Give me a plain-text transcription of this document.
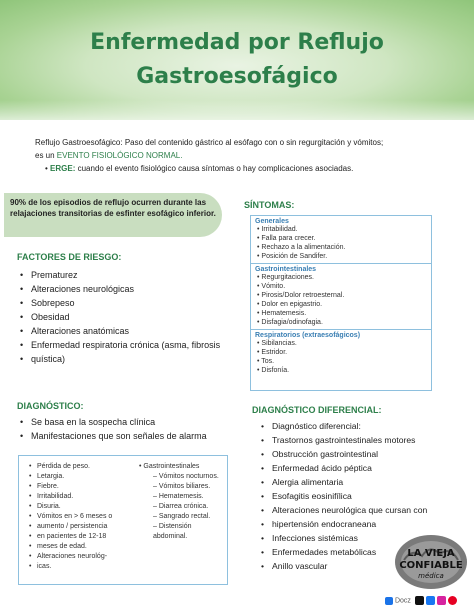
Enfermedad por Reflujo
Gastroesofágico
Reflujo Gastroesofágico: Paso del contenido gástrico al esófago con o sin regurgitación y vómitos;
es un EVENTO FISIOLÓGICO NORMAL.
• ERGE: cuando el evento fisiológico causa síntomas o hay complicaciones asociadas.
90% de los episodios de reflujo ocurren durante las relajaciones transitorias de esfinter esofágico inferior.
FACTORES DE RIESGO:
• Prematurez
• Alteraciones neurológicas
• Sobrepeso
• Obesidad
• Alteraciones anatómicas
• Enfermedad respiratoria crónica (asma, fibrosis
• quística)
SÍNTOMAS:
Generales
• Irritabilidad.
• Falla para crecer.
• Rechazo a la alimentación.
• Posición de Sandifer.
Gastrointestinales
• Regurgitaciones.
• Vómito.
• Pirosis/Dolor retroesternal.
• Dolor en epigastrio.
• Hematemesis.
• Disfagia/odinofagia.
Respiratorios (extraesofágicos)
• Sibilancias.
• Estridor.
• Tos.
• Disfonía.
DIAGNÓSTICO:
• Se basa en la sospecha clínica
• Manifestaciones que son señales de alarma
• Pérdida de peso.
• Letargia.
• Fiebre.
• Irritabilidad.
• Disuria.
• Vómitos en > 6 meses o
• aumento / persistencia
• en pacientes de 12-18
• meses de edad.
• Alteraciones neurológ-
• icas.
• Gastrointestinales
– Vómitos nocturnos.
– Vómitos biliares.
– Hematemesis.
– Diarrea crónica.
– Sangrado rectal.
– Distensión abdominal.
DIAGNÓSTICO DIFERENCIAL:
• Diagnóstico diferencial:
• Trastornos gastrointestinales motores
• Obstrucción gastrointestinal
• Enfermedad ácido péptica
• Alergia alimentaria
• Esofagitis eosinifílica
• Alteraciones neurológica que cursan con
• hipertensión endocraneana
• Infecciones sistémicas
• Enfermedades metabólicas
• Anillo vascular
LA VIEJA
CONFIABLE
médica
Docz
